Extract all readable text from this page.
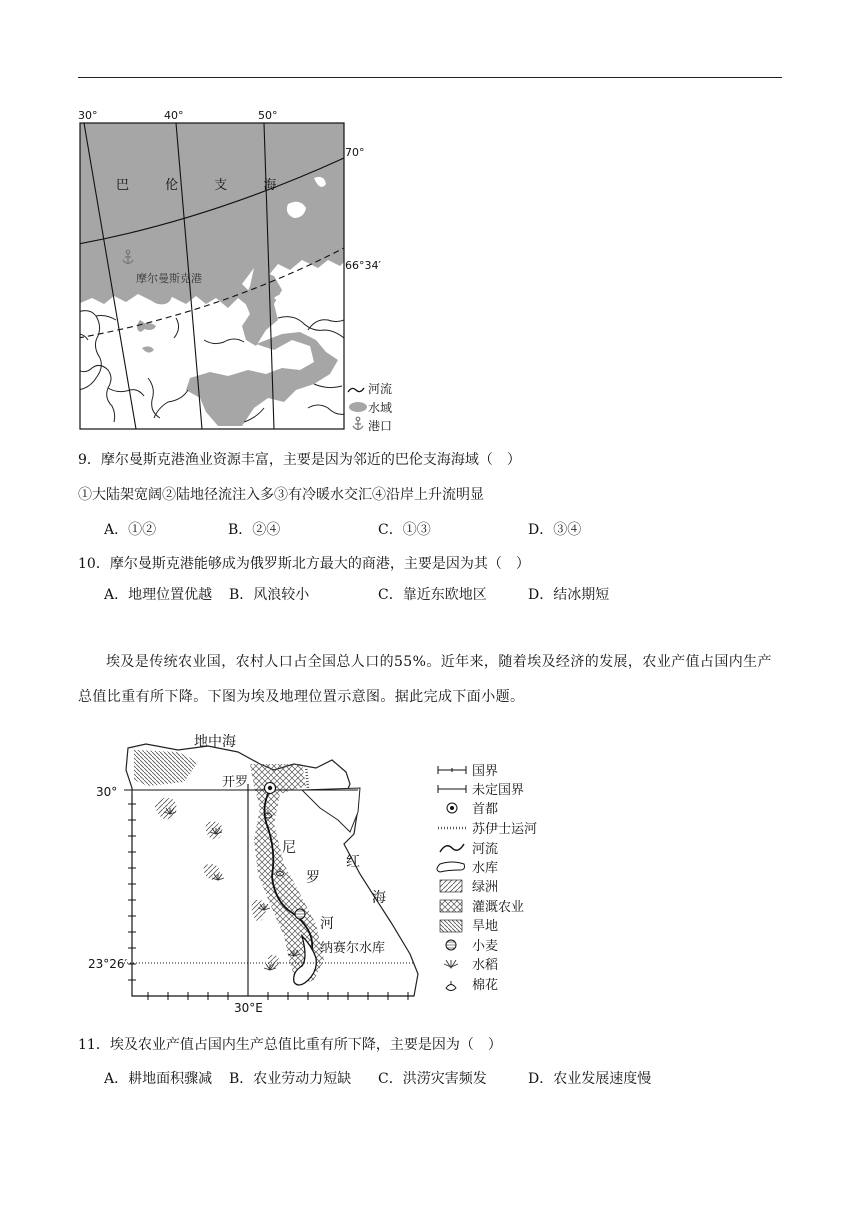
30°	40°	50°
70°
66°34′
巴 伦 支 海
摩尔曼斯克港
河流
水域
港口
9．摩尔曼斯克港渔业资源丰富，主要是因为邻近的巴伦支海海域（　）
①大陆架宽阔②陆地径流注入多③有冷暖水交汇④沿岸上升流明显
A．①②	B．②④	C．①③	D．③④
10．摩尔曼斯克港能够成为俄罗斯北方最大的商港，主要是因为其（　）
A．地理位置优越 B．风浪较小	C．靠近东欧地区	D．结冰期短
埃及是传统农业国，农村人口占全国总人口的55%。近年来，随着埃及经济的发展，农业产值占国内生产总值比重有所下降。下图为埃及地理位置示意图。据此完成下面小题。
地中海
开罗
30°
23°26′
30°E
尼
罗
河
红
海
纳赛尔水库
国界
未定国界
首都
苏伊士运河
河流
水库
绿洲
灌溉农业
旱地
小麦
水稻
棉花
11．埃及农业产值占国内生产总值比重有所下降，主要是因为（　）
A．耕地面积骤减 B．农业劳动力短缺 C．洪涝灾害频发	D．农业发展速度慢
